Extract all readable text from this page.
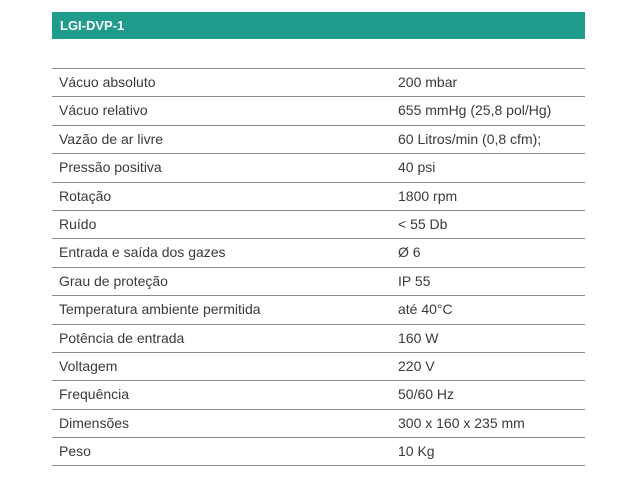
LGI-DVP-1
Vácuo absoluto	200 mbar
Vácuo relativo	655 mmHg (25,8 pol/Hg)
Vazão de ar livre	60 Litros/min (0,8 cfm);
Pressão positiva	40 psi
Rotação	1800 rpm
Ruído	< 55 Db
Entrada e saída dos gazes	Ø 6
Grau de proteção	IP 55
Temperatura ambiente permitida	até 40°C
Potência de entrada	160 W
Voltagem	220 V
Frequência	50/60 Hz
Dimensões	300 x 160 x 235 mm
Peso	10 Kg
